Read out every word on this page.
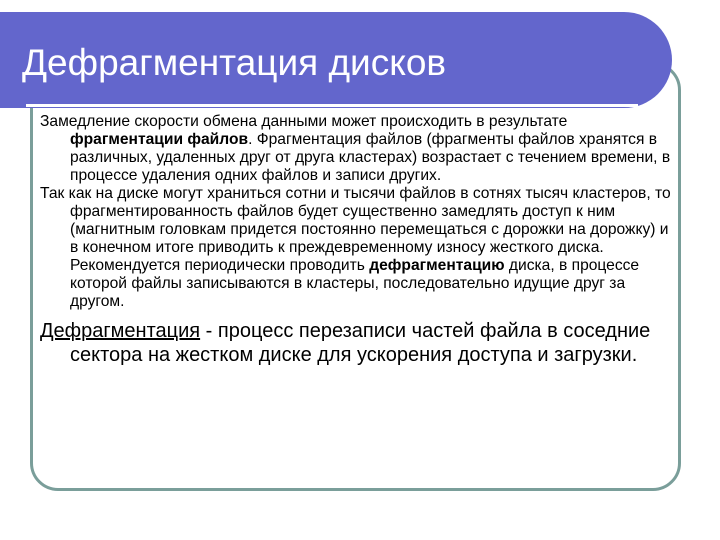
Дефрагментация дисков

Замедление скорости обмена данными может происходить в результате фрагментации файлов. Фрагментация файлов (фрагменты файлов хранятся в различных, удаленных друг от друга кластерах) возрастает с течением времени, в процессе удаления одних файлов и записи других.

Так как на диске могут храниться сотни и тысячи файлов в сотнях тысяч кластеров, то фрагментированность файлов будет существенно замедлять доступ к ним (магнитным головкам придется постоянно перемещаться с дорожки на дорожку) и в конечном итоге приводить к преждевременному износу жесткого диска. Рекомендуется периодически проводить дефрагментацию диска, в процессе которой файлы записываются в кластеры, последовательно идущие друг за другом.

Дефрагментация - процесс перезаписи частей файла в соседние сектора на жестком диске для ускорения доступа и загрузки.
